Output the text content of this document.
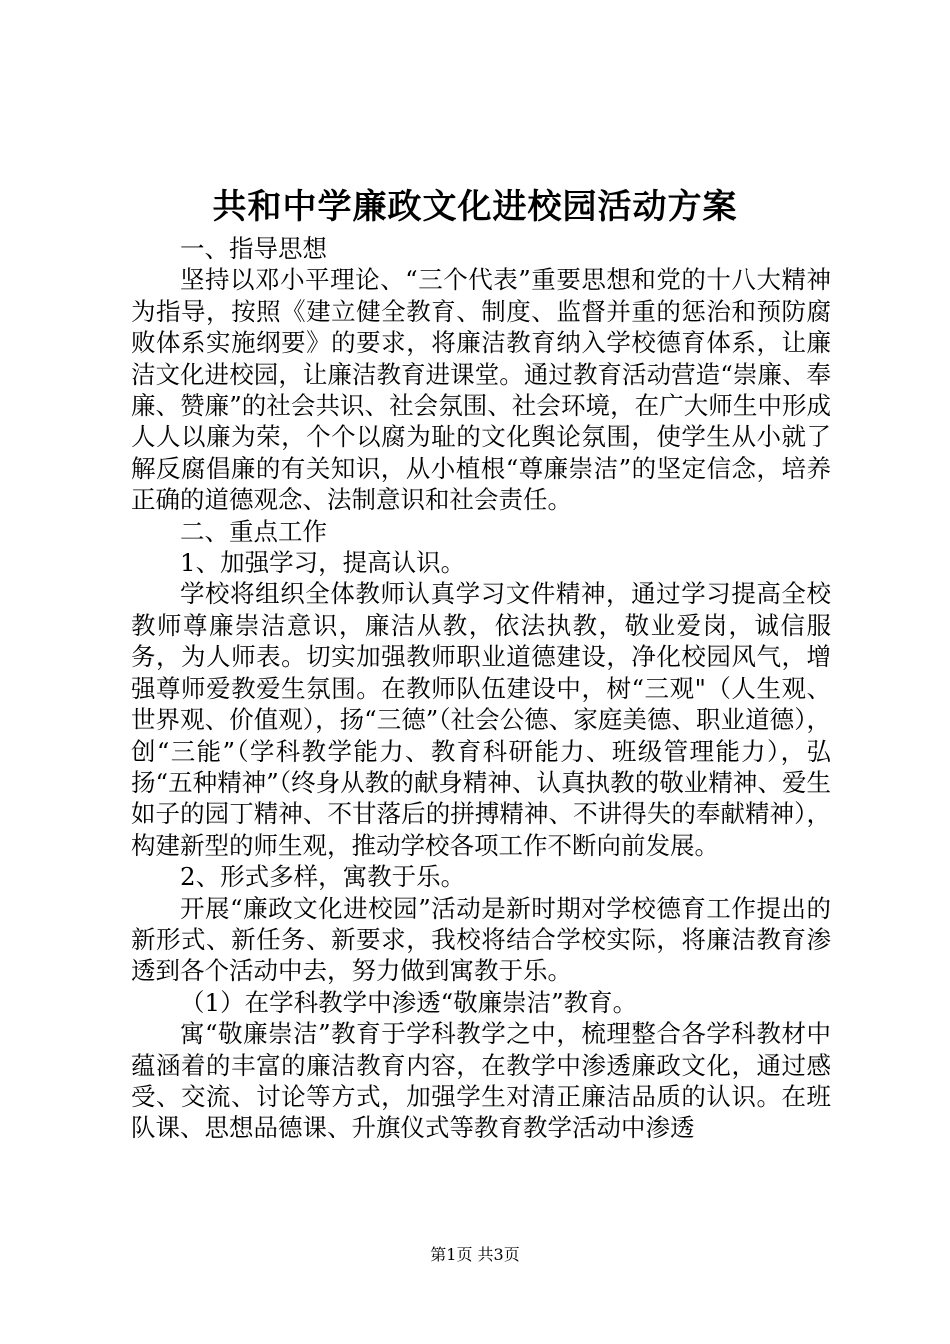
共和中学廉政文化进校园活动方案

一、指导思想

坚持以邓小平理论、“三个代表”重要思想和党的十八大精神为指导，按照《建立健全教育、制度、监督并重的惩治和预防腐败体系实施纲要》的要求，将廉洁教育纳入学校德育体系，让廉洁文化进校园，让廉洁教育进课堂。通过教育活动营造“崇廉、奉廉、赞廉”的社会共识、社会氛围、社会环境，在广大师生中形成人人以廉为荣，个个以腐为耻的文化舆论氛围，使学生从小就了解反腐倡廉的有关知识，从小植根“尊廉崇洁”的坚定信念，培养正确的道德观念、法制意识和社会责任。

二、重点工作

1、加强学习，提高认识。

学校将组织全体教师认真学习文件精神，通过学习提高全校教师尊廉崇洁意识，廉洁从教，依法执教，敬业爱岗，诚信服务，为人师表。切实加强教师职业道德建设，净化校园风气，增强尊师爱教爱生氛围。在教师队伍建设中，树“三观"（人生观、世界观、价值观），扬“三德”（社会公德、家庭美德、职业道德），创“三能”（学科教学能力、教育科研能力、班级管理能力），弘扬“五种精神”（终身从教的献身精神、认真执教的敬业精神、爱生如子的园丁精神、不甘落后的拼搏精神、不讲得失的奉献精神），构建新型的师生观，推动学校各项工作不断向前发展。

2、形式多样，寓教于乐。

开展“廉政文化进校园”活动是新时期对学校德育工作提出的新形式、新任务、新要求，我校将结合学校实际，将廉洁教育渗透到各个活动中去，努力做到寓教于乐。

（1）在学科教学中渗透“敬廉崇洁”教育。

寓“敬廉崇洁”教育于学科教学之中，梳理整合各学科教材中蕴涵着的丰富的廉洁教育内容，在教学中渗透廉政文化，通过感受、交流、讨论等方式，加强学生对清正廉洁品质的认识。在班队课、思想品德课、升旗仪式等教育教学活动中渗透

第1页 共3页
